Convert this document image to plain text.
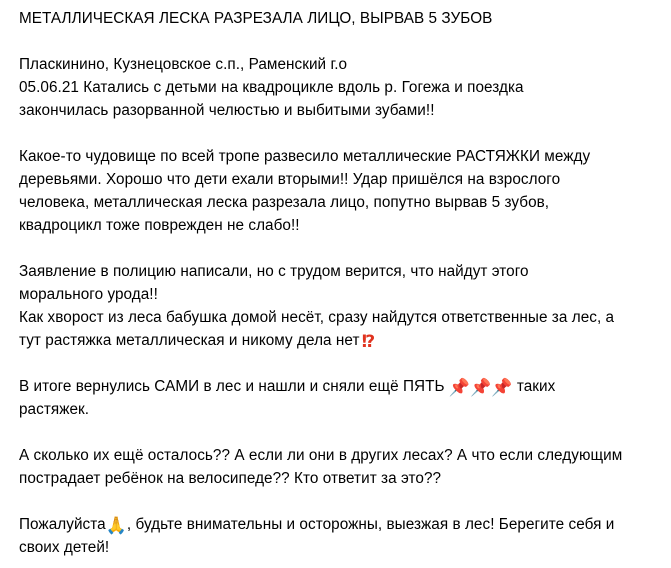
МЕТАЛЛИЧЕСКАЯ ЛЕСКА РАЗРЕЗАЛА ЛИЦО, ВЫРВАВ 5 ЗУБОВ

Пласкинино, Кузнецовское с.п., Раменский г.о
05.06.21 Катались с детьми на квадроцикле вдоль р. Гогежа и поездка
закончилась разорванной челюстью и выбитыми зубами!!

Какое-то чудовище по всей тропе развесило металлические РАСТЯЖКИ между
деревьями. Хорошо что дети ехали вторыми!! Удар пришёлся на взрослого
человека, металлическая леска разрезала лицо, попутно вырвав 5 зубов,
квадроцикл тоже поврежден не слабо!!

Заявление в полицию написали, но с трудом верится, что найдут этого
морального урода!!
Как хворост из леса бабушка домой несёт, сразу найдутся ответственные за лес, а
тут растяжка металлическая и никому дела нет!?

В итоге вернулись САМИ в лес и нашли и сняли ещё ПЯТЬ 📌📌📌 таких
растяжек.

А сколько их ещё осталось?? А если ли они в других лесах? А что если следующим
пострадает ребёнок на велосипеде?? Кто ответит за это??

Пожалуйста🙏, будьте внимательны и осторожны, выезжая в лес! Берегите себя и
своих детей!
